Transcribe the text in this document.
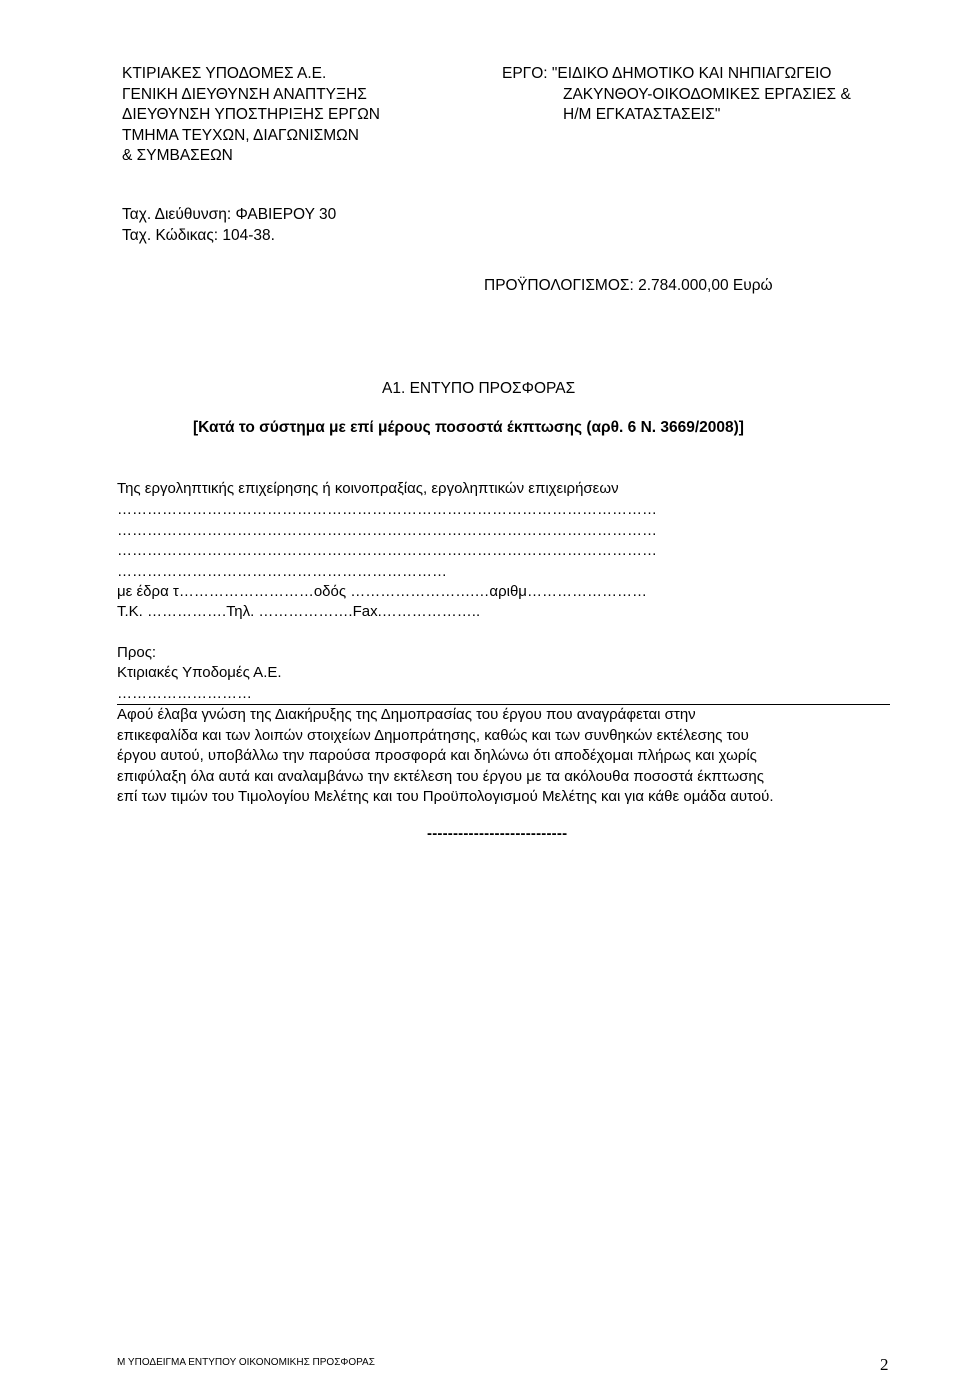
ΚΤΙΡΙΑΚΕΣ ΥΠΟΔΟΜΕΣ Α.Ε.
ΓΕΝΙΚΗ ΔΙΕΥΘΥΝΣΗ ΑΝΑΠΤΥΞΗΣ
ΔΙΕΥΘΥΝΣΗ ΥΠΟΣΤΗΡΙΞΗΣ ΕΡΓΩΝ
ΤΜΗΜΑ ΤΕΥΧΩΝ, ΔΙΑΓΩΝΙΣΜΩΝ
& ΣΥΜΒΑΣΕΩΝ
ΕΡΓΟ: "ΕΙΔΙΚΟ ΔΗΜΟΤΙΚΟ ΚΑΙ ΝΗΠΙΑΓΩΓΕΙΟ
ΖΑΚΥΝΘΟΥ-ΟΙΚΟΔΟΜΙΚΕΣ ΕΡΓΑΣΙΕΣ &
Η/Μ ΕΓΚΑΤΑΣΤΑΣΕΙΣ"
Ταχ. Διεύθυνση: ΦΑΒΙΕΡΟΥ 30
Ταχ. Κώδικας: 104-38.
ΠΡΟΫΠΟΛΟΓΙΣΜΟΣ: 2.784.000,00 Ευρώ
Α1. ΕΝΤΥΠΟ ΠΡΟΣΦΟΡΑΣ
[Κατά το σύστημα με επί μέρους ποσοστά έκπτωσης (αρθ. 6 Ν. 3669/2008)]
Της εργοληπτικής επιχείρησης ή κοινοπραξίας, εργοληπτικών επιχειρήσεων
………………………………………………………………………………………………
………………………………………………………………………………………………
………………………………………………………………………………………………
…………………………………………………………
με έδρα τ………………………οδός …………………….…αριθμ……………………
Τ.Κ. …………….Τηλ. ……………….Fax.………………..
Προς:
Κτιριακές Υποδομές Α.Ε.
………………………
Αφού έλαβα γνώση της Διακήρυξης της Δημοπρασίας του έργου που αναγράφεται στην
επικεφαλίδα και των λοιπών στοιχείων Δημοπράτησης, καθώς και των συνθηκών εκτέλεσης του
έργου αυτού, υποβάλλω την παρούσα προσφορά και δηλώνω ότι αποδέχομαι πλήρως και χωρίς
επιφύλαξη όλα αυτά και αναλαμβάνω την εκτέλεση του έργου με τα ακόλουθα ποσοστά έκπτωσης
επί των τιμών του Τιμολογίου Μελέτης και του Προϋπολογισμού Μελέτης και για κάθε ομάδα αυτού.
---------------------------
Μ ΥΠΟΔΕΙΓΜΑ ΕΝΤΥΠΟΥ ΟΙΚΟΝΟΜΙΚΗΣ ΠΡΟΣΦΟΡΑΣ	2
